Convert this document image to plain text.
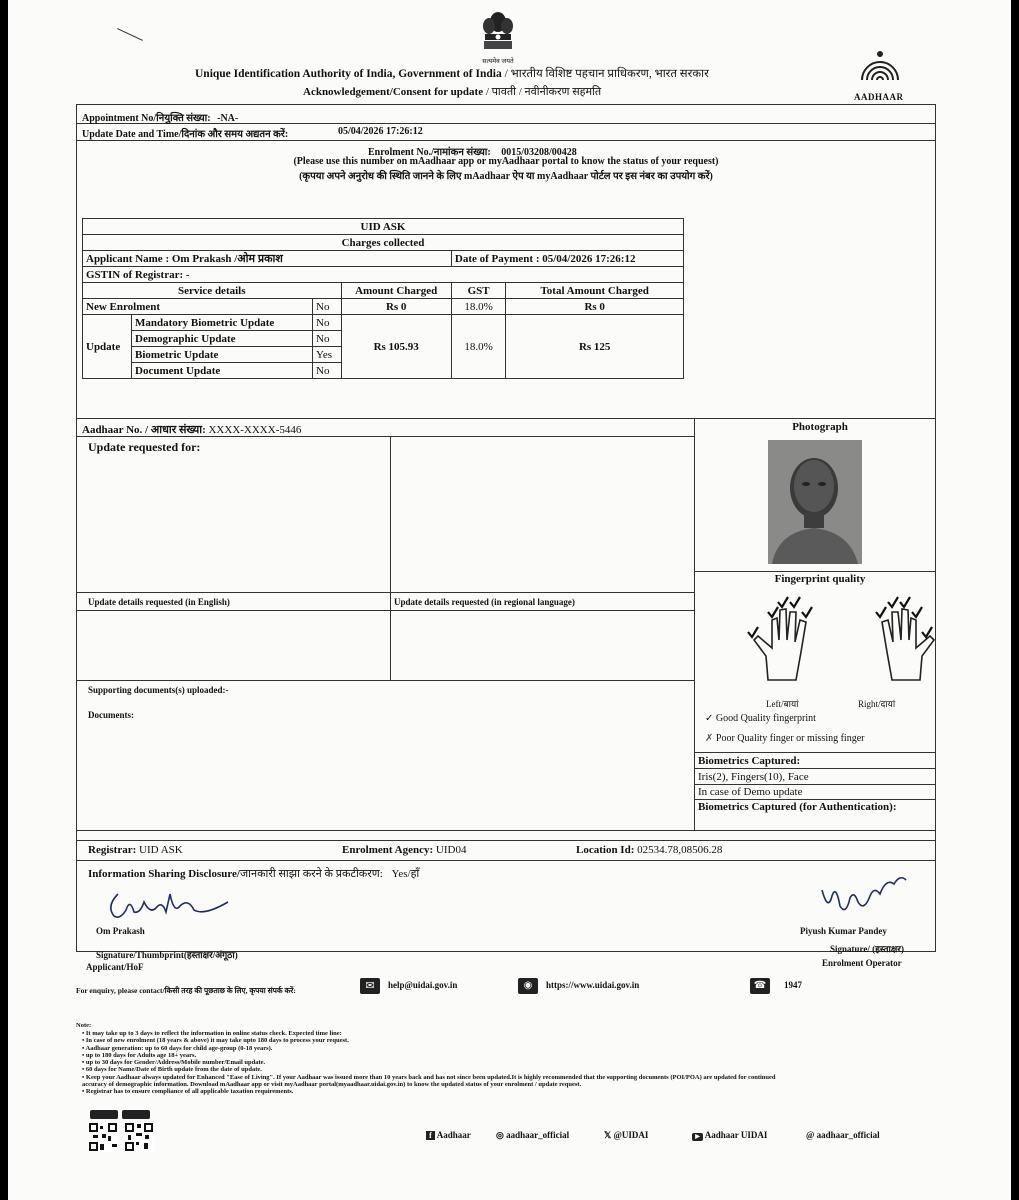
सत्यमेव जयते
Unique Identification Authority of India, Government of India / भारतीय विशिष्ट पहचान प्राधिकरण, भारत सरकार
Acknowledgement/Consent for update / पावती / नवीनीकरण सहमति	AADHAAR
Appointment No/नियुक्ति संख्या: -NA-
Update Date and Time/दिनांक और समय अद्यतन करें:	05/04/2026 17:26:12
Enrolment No./नामांकन संख्या: 0015/03208/00428
(Please use this number on mAadhaar app or myAadhaar portal to know the status of your request)
(कृपया अपने अनुरोध की स्थिति जानने के लिए mAadhaar ऐप या myAadhaar पोर्टल पर इस नंबर का उपयोग करें)
UID ASK					
Charges collected					
Applicant Name : Om Prakash /ओम प्रकाश				Date of Payment : 05/04/2026 17:26:12	
GSTIN of Registrar: -					
Service details			Amount Charged	GST	Total Amount Charged
New Enrolment		No	Rs 0	18.0%	Rs 0
Update	Mandatory Biometric Update	No	Rs 105.93	18.0%	Rs 125
	Demographic Update	No			
	Biometric Update	Yes			
	Document Update	No			
Aadhaar No. / आधार संख्या: XXXX-XXXX-5446
Update requested for:
Update details requested (in English)	Update details requested (in regional language)
Supporting documents(s) uploaded:-
Documents:
Photograph
Fingerprint quality
Left/बायां	Right/दायां
✓ Good Quality fingerprint
✗ Poor Quality finger or missing finger
Biometrics Captured:
Iris(2), Fingers(10), Face
In case of Demo update
Biometrics Captured (for Authentication):
Registrar: UID ASK	Enrolment Agency: UID04	Location Id: 02534.78,08506.28
Information Sharing Disclosure/जानकारी साझा करने के प्रकटीकरण: Yes/हाँ
Om Prakash
Signature/Thumbprint(हस्ताक्षर/अंगूठा)
Applicant/HoF
Piyush Kumar Pandey
Signature/ (हस्ताक्षर)
Enrolment Operator
For enquiry, please contact/किसी तरह की पूछताछ के लिए, कृपया संपर्क करें:	✉	help@uidai.gov.in	◉	https://www.uidai.gov.in	☎	1947
Note:
• It may take up to 3 days to reflect the information in online status check. Expected time line:
• In case of new enrolment (18 years & above) it may take upto 180 days to process your request.
• Aadhaar generation: up to 60 days for child age-group (0-18 years).
• up to 180 days for Adults age 18+ years.
• up to 30 days for Gender/Address/Mobile number/Email update.
• 60 days for Name/Date of Birth update from the date of update.
• Keep your Aadhaar always updated for Enhanced "Ease of Living". If your Aadhaar was issued more than 10 years back and has not since been updated.It is highly recommended that the supporting documents (POI/POA) are updated for continued
accuracy of demographic information. Download mAadhaar app or visit myAadhaar portal(myaadhaar.uidai.gov.in) to know the updated status of your enrolment / update request.
• Registrar has to ensure compliance of all applicable taxation requirements.
f Aadhaar	◎ aadhaar_official	𝕏 @UIDAI	▶ Aadhaar UIDAI	@ aadhaar_official
